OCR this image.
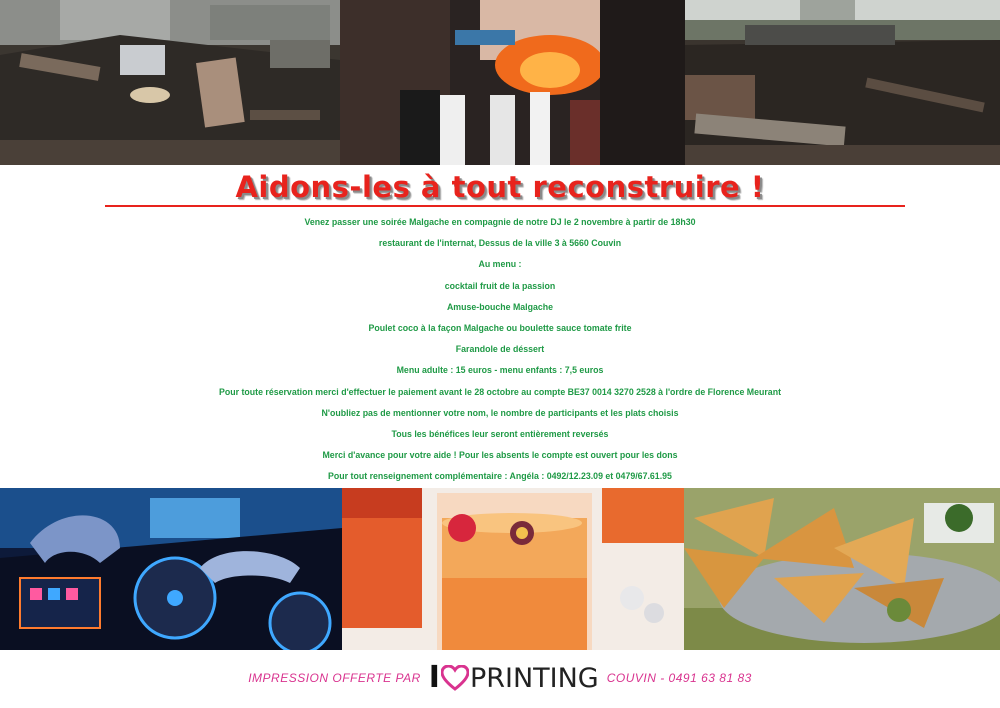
Aidons-les à tout reconstruire !
Venez passer une soirée Malgache en compagnie de notre DJ le 2 novembre à partir de 18h30
restaurant de l'internat, Dessus de la ville 3 à 5660 Couvin
Au menu :
cocktail fruit de la passion
Amuse-bouche Malgache
Poulet coco à la façon Malgache ou boulette sauce tomate frite
Farandole de déssert
Menu adulte : 15 euros - menu enfants : 7,5 euros
Pour toute réservation merci d'effectuer le paiement avant le 28 octobre au compte BE37 0014 3270 2528 à l'ordre de Florence Meurant
N'oubliez pas de mentionner votre nom, le nombre de participants et les plats choisis
Tous les bénéfices leur seront entièrement reversés
Merci d'avance pour votre aide ! Pour les absents le compte est ouvert pour les dons
Pour tout renseignement complémentaire : Angéla : 0492/12.23.09 et 0479/67.61.95
IMPRESSION OFFERTE PAR I PRINTING COUVIN - 0491 63 81 83
